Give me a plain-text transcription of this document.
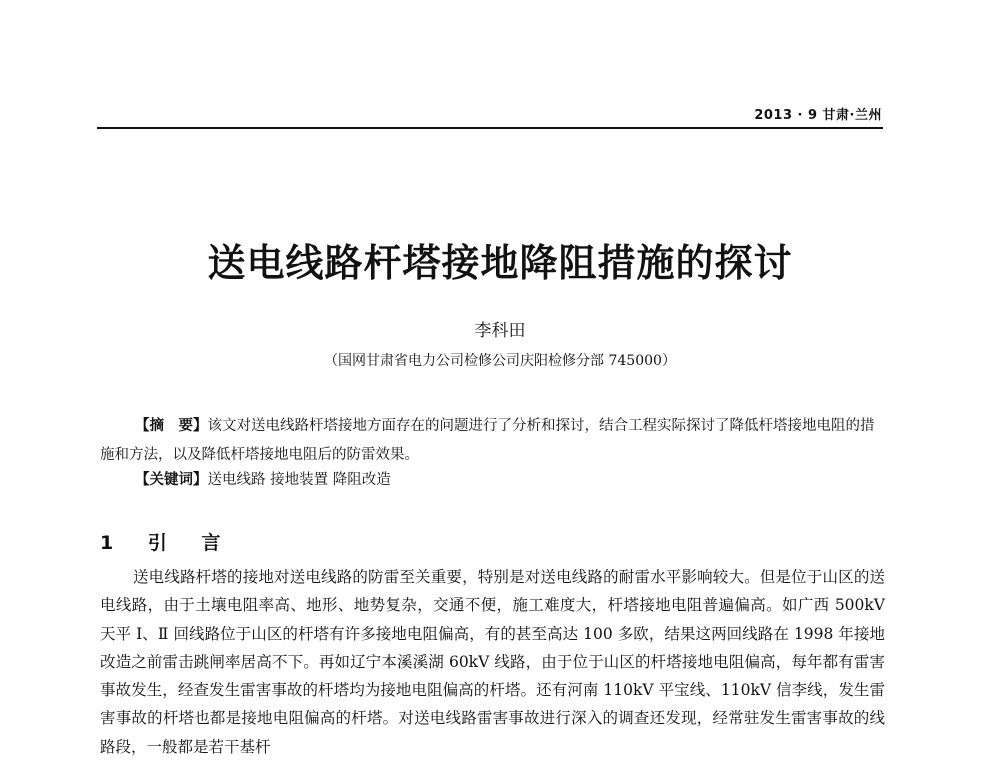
2013 · 9 甘肃·兰州
送电线路杆塔接地降阻措施的探讨
李科田
（国网甘肃省电力公司检修公司庆阳检修分部 745000）
【摘　要】该文对送电线路杆塔接地方面存在的问题进行了分析和探讨，结合工程实际探讨了降低杆塔接地电阻的措施和方法，以及降低杆塔接地电阻后的防雷效果。
【关键词】送电线路 接地装置 降阻改造
1 引 言
送电线路杆塔的接地对送电线路的防雷至关重要，特别是对送电线路的耐雷水平影响较大。但是位于山区的送电线路，由于土壤电阻率高、地形、地势复杂，交通不便，施工难度大，杆塔接地电阻普遍偏高。如广西 500kV 天平 Ⅰ、Ⅱ 回线路位于山区的杆塔有许多接地电阻偏高，有的甚至高达 100 多欧，结果这两回线路在 1998 年接地改造之前雷击跳闸率居高不下。再如辽宁本溪溪湖 60kV 线路，由于位于山区的杆塔接地电阻偏高，每年都有雷害事故发生，经查发生雷害事故的杆塔均为接地电阻偏高的杆塔。还有河南 110kV 平宝线、110kV 信李线，发生雷害事故的杆塔也都是接地电阻偏高的杆塔。对送电线路雷害事故进行深入的调查还发现，经常驻发生雷害事故的线路段，一般都是若干基杆
